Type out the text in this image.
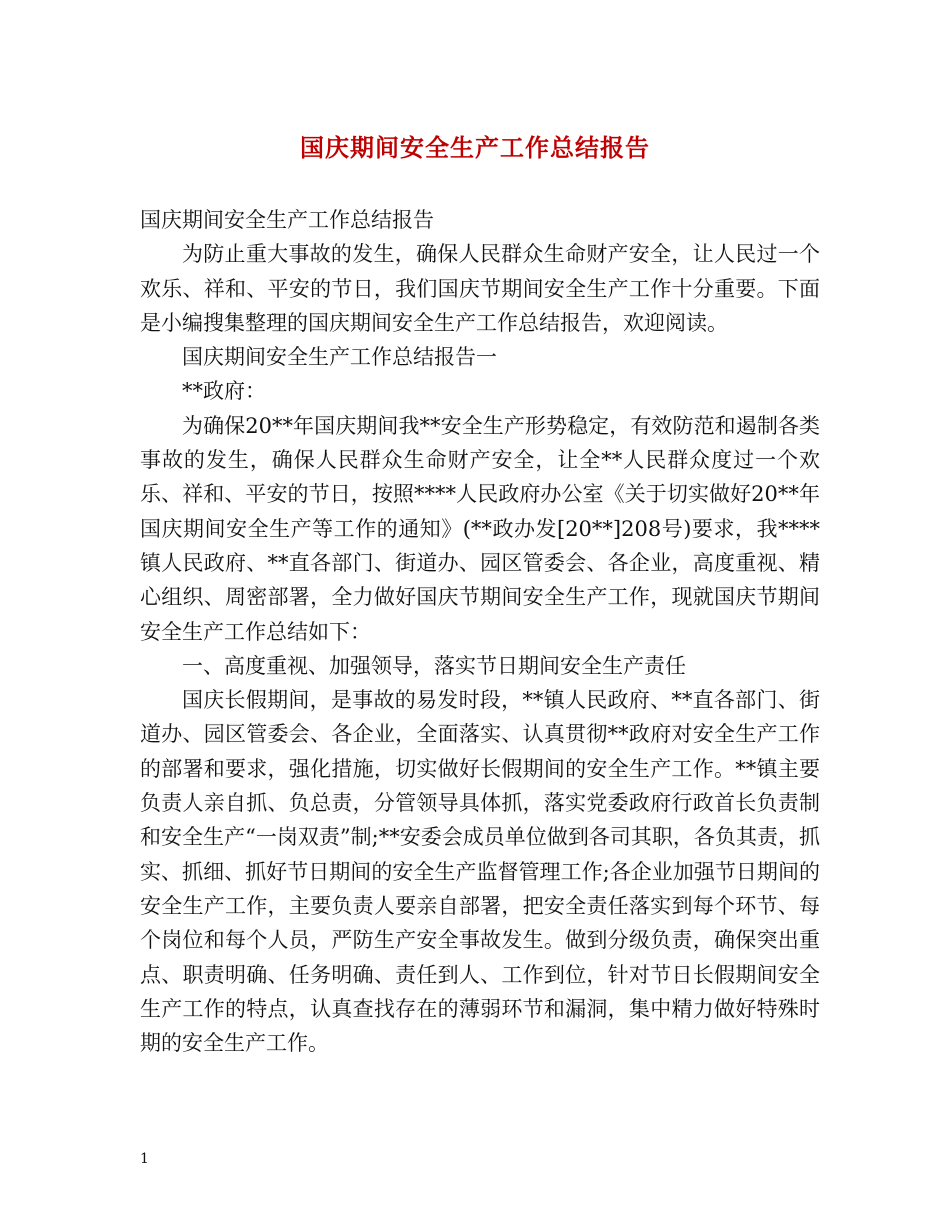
国庆期间安全生产工作总结报告

国庆期间安全生产工作总结报告

为防止重大事故的发生，确保人民群众生命财产安全，让人民过一个欢乐、祥和、平安的节日，我们国庆节期间安全生产工作十分重要。下面是小编搜集整理的国庆期间安全生产工作总结报告，欢迎阅读。

国庆期间安全生产工作总结报告一

**政府：

为确保20**年国庆期间我**安全生产形势稳定，有效防范和遏制各类事故的发生，确保人民群众生命财产安全，让全**人民群众度过一个欢乐、祥和、平安的节日，按照****人民政府办公室《关于切实做好20**年国庆期间安全生产等工作的通知》(**政办发[20**]208号)要求，我****镇人民政府、**直各部门、街道办、园区管委会、各企业，高度重视、精心组织、周密部署，全力做好国庆节期间安全生产工作，现就国庆节期间安全生产工作总结如下：

一、高度重视、加强领导，落实节日期间安全生产责任

国庆长假期间，是事故的易发时段，**镇人民政府、**直各部门、街道办、园区管委会、各企业，全面落实、认真贯彻**政府对安全生产工作的部署和要求，强化措施，切实做好长假期间的安全生产工作。**镇主要负责人亲自抓、负总责，分管领导具体抓，落实党委政府行政首长负责制和安全生产“一岗双责”制;**安委会成员单位做到各司其职，各负其责，抓实、抓细、抓好节日期间的安全生产监督管理工作;各企业加强节日期间的安全生产工作，主要负责人要亲自部署，把安全责任落实到每个环节、每个岗位和每个人员，严防生产安全事故发生。做到分级负责，确保突出重点、职责明确、任务明确、责任到人、工作到位，针对节日长假期间安全生产工作的特点，认真查找存在的薄弱环节和漏洞，集中精力做好特殊时期的安全生产工作。

1
